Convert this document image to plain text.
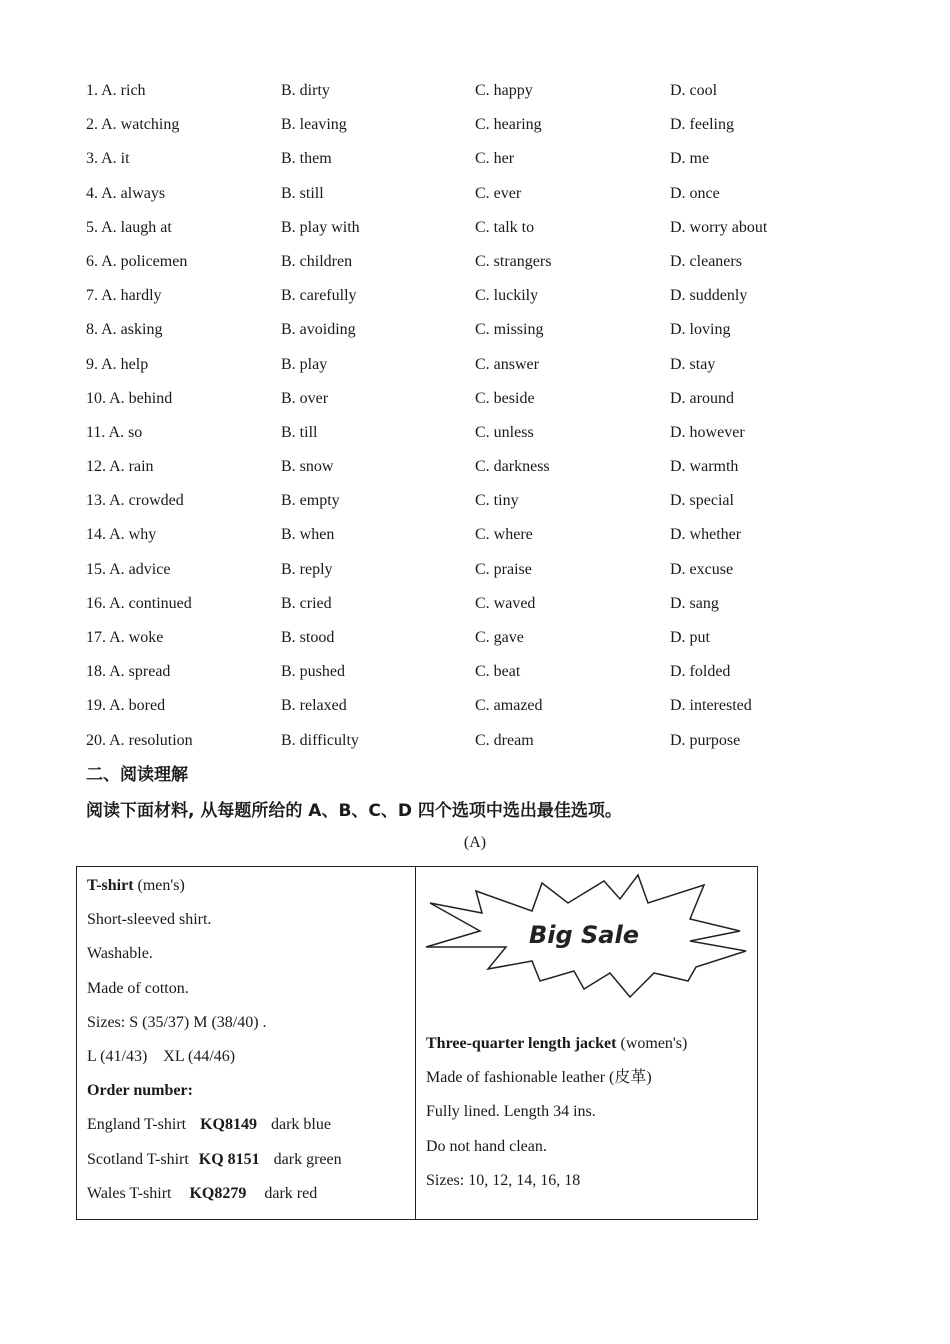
1. A. rich	B. dirty	C. happy	D. cool
2. A. watching	B. leaving	C. hearing	D. feeling
3. A. it	B. them	C. her	D. me
4. A. always	B. still	C. ever	D. once
5. A. laugh at	B. play with	C. talk to	D. worry about
6. A. policemen	B. children	C. strangers	D. cleaners
7. A. hardly	B. carefully	C. luckily	D. suddenly
8. A. asking	B. avoiding	C. missing	D. loving
9. A. help	B. play	C. answer	D. stay
10. A. behind	B. over	C. beside	D. around
11. A. so	B. till	C. unless	D. however
12. A. rain	B. snow	C. darkness	D. warmth
13. A. crowded	B. empty	C. tiny	D. special
14. A. why	B. when	C. where	D. whether
15. A. advice	B. reply	C. praise	D. excuse
16. A. continued	B. cried	C. waved	D. sang
17. A. woke	B. stood	C. gave	D. put
18. A. spread	B. pushed	C. beat	D. folded
19. A. bored	B. relaxed	C. amazed	D. interested
20. A. resolution	B. difficulty	C. dream	D. purpose
二、阅读理解
阅读下面材料, 从每题所给的 A、B、C、D 四个选项中选出最佳选项。
(A)
T-shirt (men's)
Short-sleeved shirt.
Washable.
Made of cotton.
Sizes: S (35/37) M (38/40) .
L (41/43)    XL (44/46)
Order number:
England T-shirt KQ8149 dark blue
Scotland T-shirt KQ 8151 dark green
Wales T-shirt KQ8279 dark red
Big Sale
Three-quarter length jacket (women's)
Made of fashionable leather (皮革)
Fully lined. Length 34 ins.
Do not hand clean.
Sizes: 10, 12, 14, 16, 18
